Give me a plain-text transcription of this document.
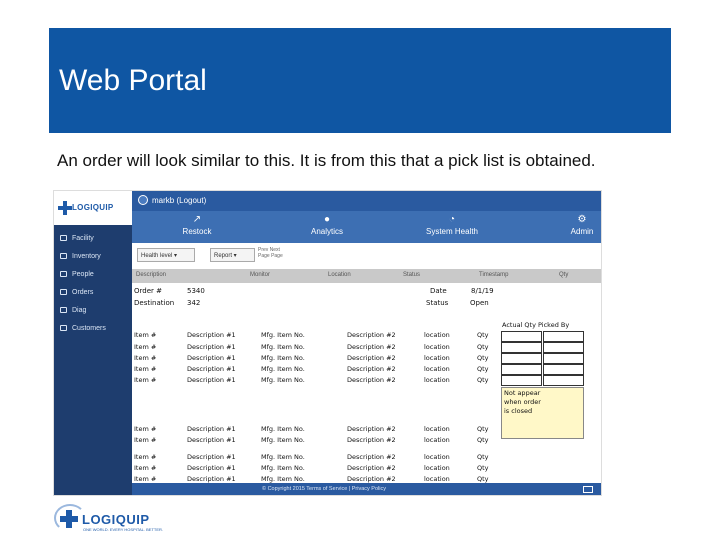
Web Portal
An order will look similar to this. It is from this that a pick list is obtained.
LOGIQUIP
Facility
Inventory
People
Orders
Diag
Customers
markb (Logout)
↗
Restock
●
Analytics
◔
System Health
⚙
Admin
Health level ▾	Report ▾
Prev Next
Page Page
Description	Monitor	Location	Status	Timestamp	Qty
Order #	5340
Destination 342
Date	8/1/19
Status	Open
Actual Qty Picked By
Item #	Description #1	Mfg. Item No.	Description #2	location	Qty
Item #	Description #1	Mfg. Item No.	Description #2	location	Qty
Item #	Description #1	Mfg. Item No.	Description #2	location	Qty
Item #	Description #1	Mfg. Item No.	Description #2	location	Qty
Item #	Description #1	Mfg. Item No.	Description #2	location	Qty
Item #	Description #1	Mfg. Item No.	Description #2	location	Qty
Item #	Description #1	Mfg. Item No.	Description #2	location	Qty
Item #	Description #1	Mfg. Item No.	Description #2	location	Qty
Item #	Description #1	Mfg. Item No.	Description #2	location	Qty
Item #	Description #1	Mfg. Item No.	Description #2	location	Qty
Not appear when order is closed
© Copyright 2015 Terms of Service | Privacy Policy
LOGIQUIP
ONE WORLD. EVERY HOSPITAL. BETTER.
